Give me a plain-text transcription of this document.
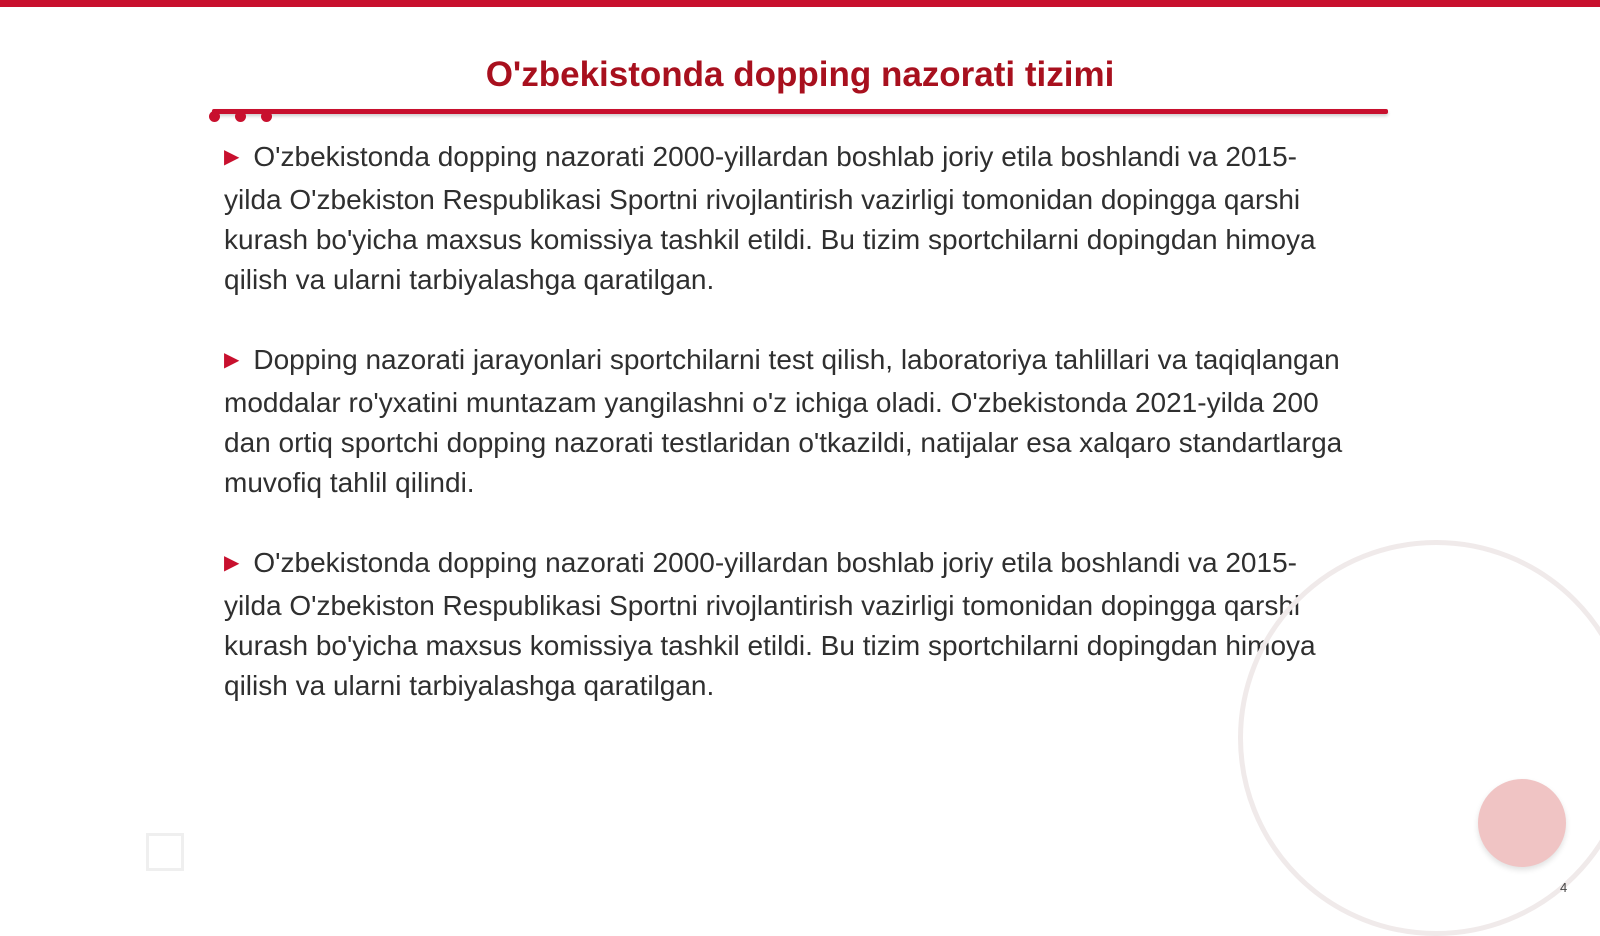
O'zbekistonda dopping nazorati tizimi

▶ O'zbekistonda dopping nazorati 2000-yillardan boshlab joriy etila boshlandi va 2015-yilda O'zbekiston Respublikasi Sportni rivojlantirish vazirligi tomonidan dopingga qarshi kurash bo'yicha maxsus komissiya tashkil etildi. Bu tizim sportchilarni dopingdan himoya qilish va ularni tarbiyalashga qaratilgan.

▶ Dopping nazorati jarayonlari sportchilarni test qilish, laboratoriya tahlillari va taqiqlangan moddalar ro'yxatini muntazam yangilashni o'z ichiga oladi. O'zbekistonda 2021-yilda 200 dan ortiq sportchi dopping nazorati testlaridan o'tkazildi, natijalar esa xalqaro standartlarga muvofiq tahlil qilindi.

▶ O'zbekistonda dopping nazorati 2000-yillardan boshlab joriy etila boshlandi va 2015-yilda O'zbekiston Respublikasi Sportni rivojlantirish vazirligi tomonidan dopingga qarshi kurash bo'yicha maxsus komissiya tashkil etildi. Bu tizim sportchilarni dopingdan himoya qilish va ularni tarbiyalashga qaratilgan.

4
